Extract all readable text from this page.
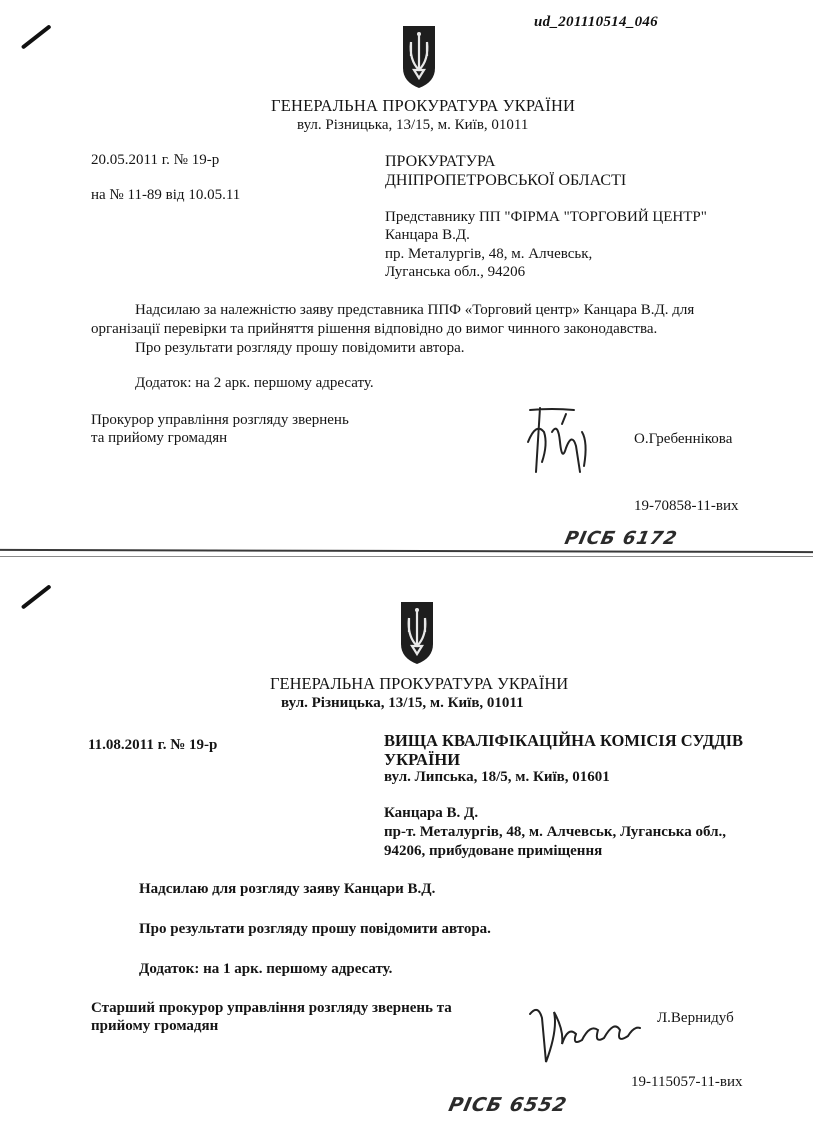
ud_201110514_046
ГЕНЕРАЛЬНА ПРОКУРАТУРА УКРАЇНИ
вул. Різницька, 13/15, м. Київ, 01011
20.05.2011 г. № 19-р
на № 11-89 від 10.05.11
ПРОКУРАТУРА
ДНІПРОПЕТРОВСЬКОЇ ОБЛАСТІ
Представнику ПП "ФІРМА "ТОРГОВИЙ ЦЕНТР"
Канцара В.Д.
пр. Металургів, 48, м. Алчевськ,
Луганська обл., 94206
Надсилаю за належністю заяву представника ППФ «Торговий центр» Канцара В.Д. для
організації перевірки та прийняття рішення відповідно до вимог чинного законодавства.
Про результати розгляду прошу повідомити автора.
Додаток: на 2 арк. першому адресату.
Прокурор управління розгляду звернень
та прийому громадян	О.Гребеннікова
19-70858-11-вих
РІСБ 6172
ГЕНЕРАЛЬНА ПРОКУРАТУРА УКРАЇНИ
вул. Різницька, 13/15, м. Київ, 01011
11.08.2011 г. № 19-р	ВИЩА КВАЛІФІКАЦІЙНА КОМІСІЯ СУДДІВ
УКРАЇНИ
вул. Липська, 18/5, м. Київ, 01601
Канцара В. Д.
пр-т. Металургів, 48, м. Алчевськ, Луганська обл.,
94206, прибудоване приміщення
Надсилаю для розгляду заяву Канцари В.Д.
Про результати розгляду прошу повідомити автора.
Додаток: на 1 арк. першому адресату.
Старший прокурор управління розгляду звернень та
прийому громадян	Л.Вернидуб
19-115057-11-вих
РІСБ 6552
